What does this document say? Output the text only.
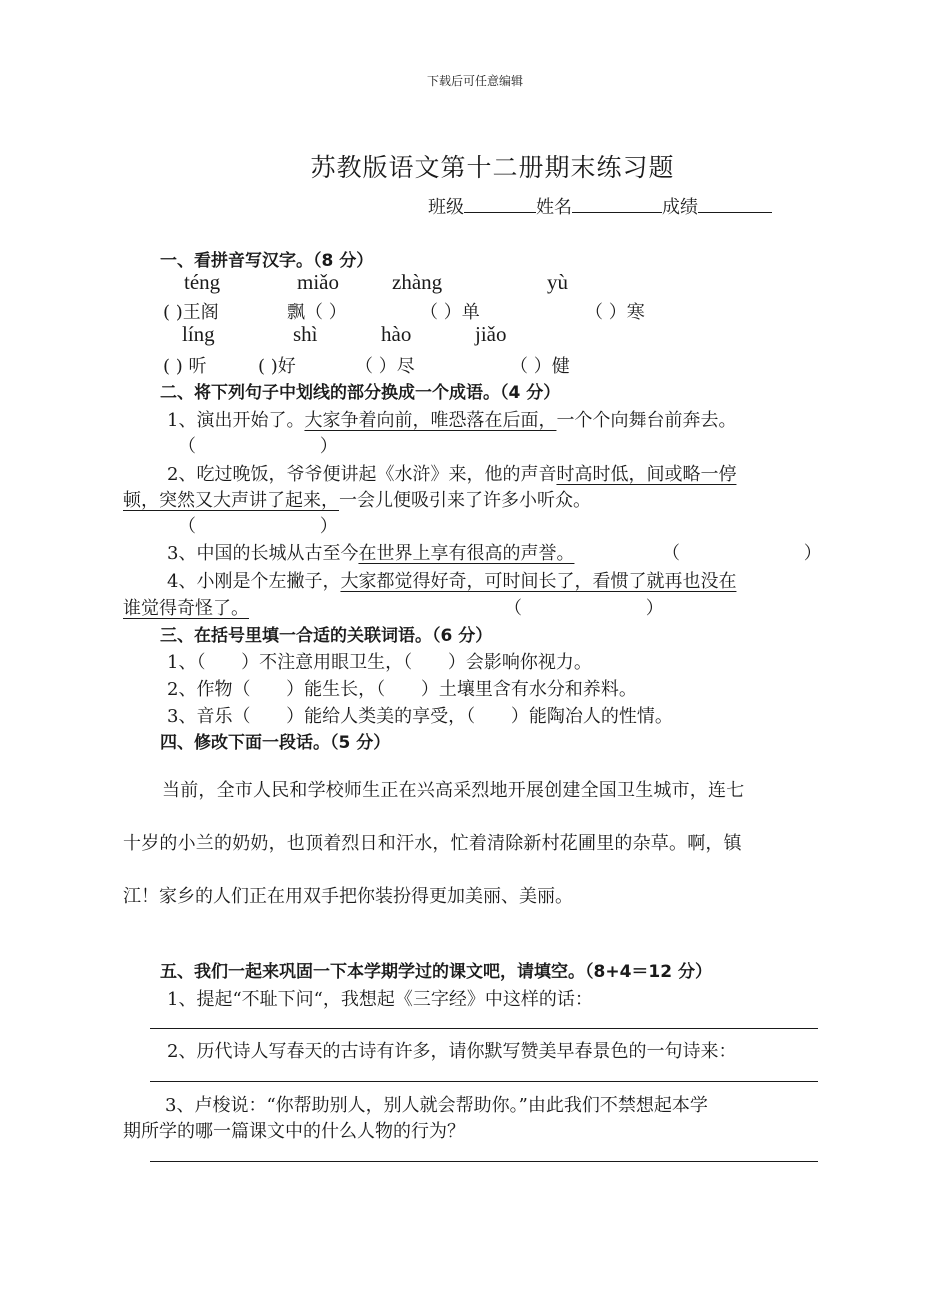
下载后可任意编辑
苏教版语文第十二册期末练习题
班级	姓名	成绩
一、看拼音写汉字。（8 分）
téng	miǎo	zhàng	yù
( )王阁	飘（ ）	（ ）单	（ ）寒
líng	shì	hào	jiǎo
( ) 听	( )好	（ ）尽	（ ）健
二、将下列句子中划线的部分换成一个成语。（4 分）
1、演出开始了。大家争着向前，唯恐落在后面，一个个向舞台前奔去。
（ ）
2、吃过晚饭，爷爷便讲起《水浒》来，他的声音时高时低，间或略一停
顿，突然又大声讲了起来，一会儿便吸引来了许多小听众。
（ ）
3、中国的长城从古至今在世界上享有很高的声誉。	（ ）
4、小刚是个左撇子，大家都觉得好奇，可时间长了，看惯了就再也没在
谁觉得奇怪了。	（ ）
三、在括号里填一合适的关联词语。（6 分）
1、（ ）不注意用眼卫生，（ ）会影响你视力。
2、作物（ ）能生长，（ ）土壤里含有水分和养料。
3、音乐（ ）能给人类美的享受，（ ）能陶冶人的性情。
四、修改下面一段话。（5 分）
当前，全市人民和学校师生正在兴高采烈地开展创建全国卫生城市，连七
十岁的小兰的奶奶，也顶着烈日和汗水，忙着清除新村花圃里的杂草。啊，镇
江！家乡的人们正在用双手把你装扮得更加美丽、美丽。
五、我们一起来巩固一下本学期学过的课文吧，请填空。（8+4＝12 分）
1、提起“不耻下问“，我想起《三字经》中这样的话：
2、历代诗人写春天的古诗有许多，请你默写赞美早春景色的一句诗来：
3、卢梭说：“你帮助别人，别人就会帮助你。”由此我们不禁想起本学
期所学的哪一篇课文中的什么人物的行为？
